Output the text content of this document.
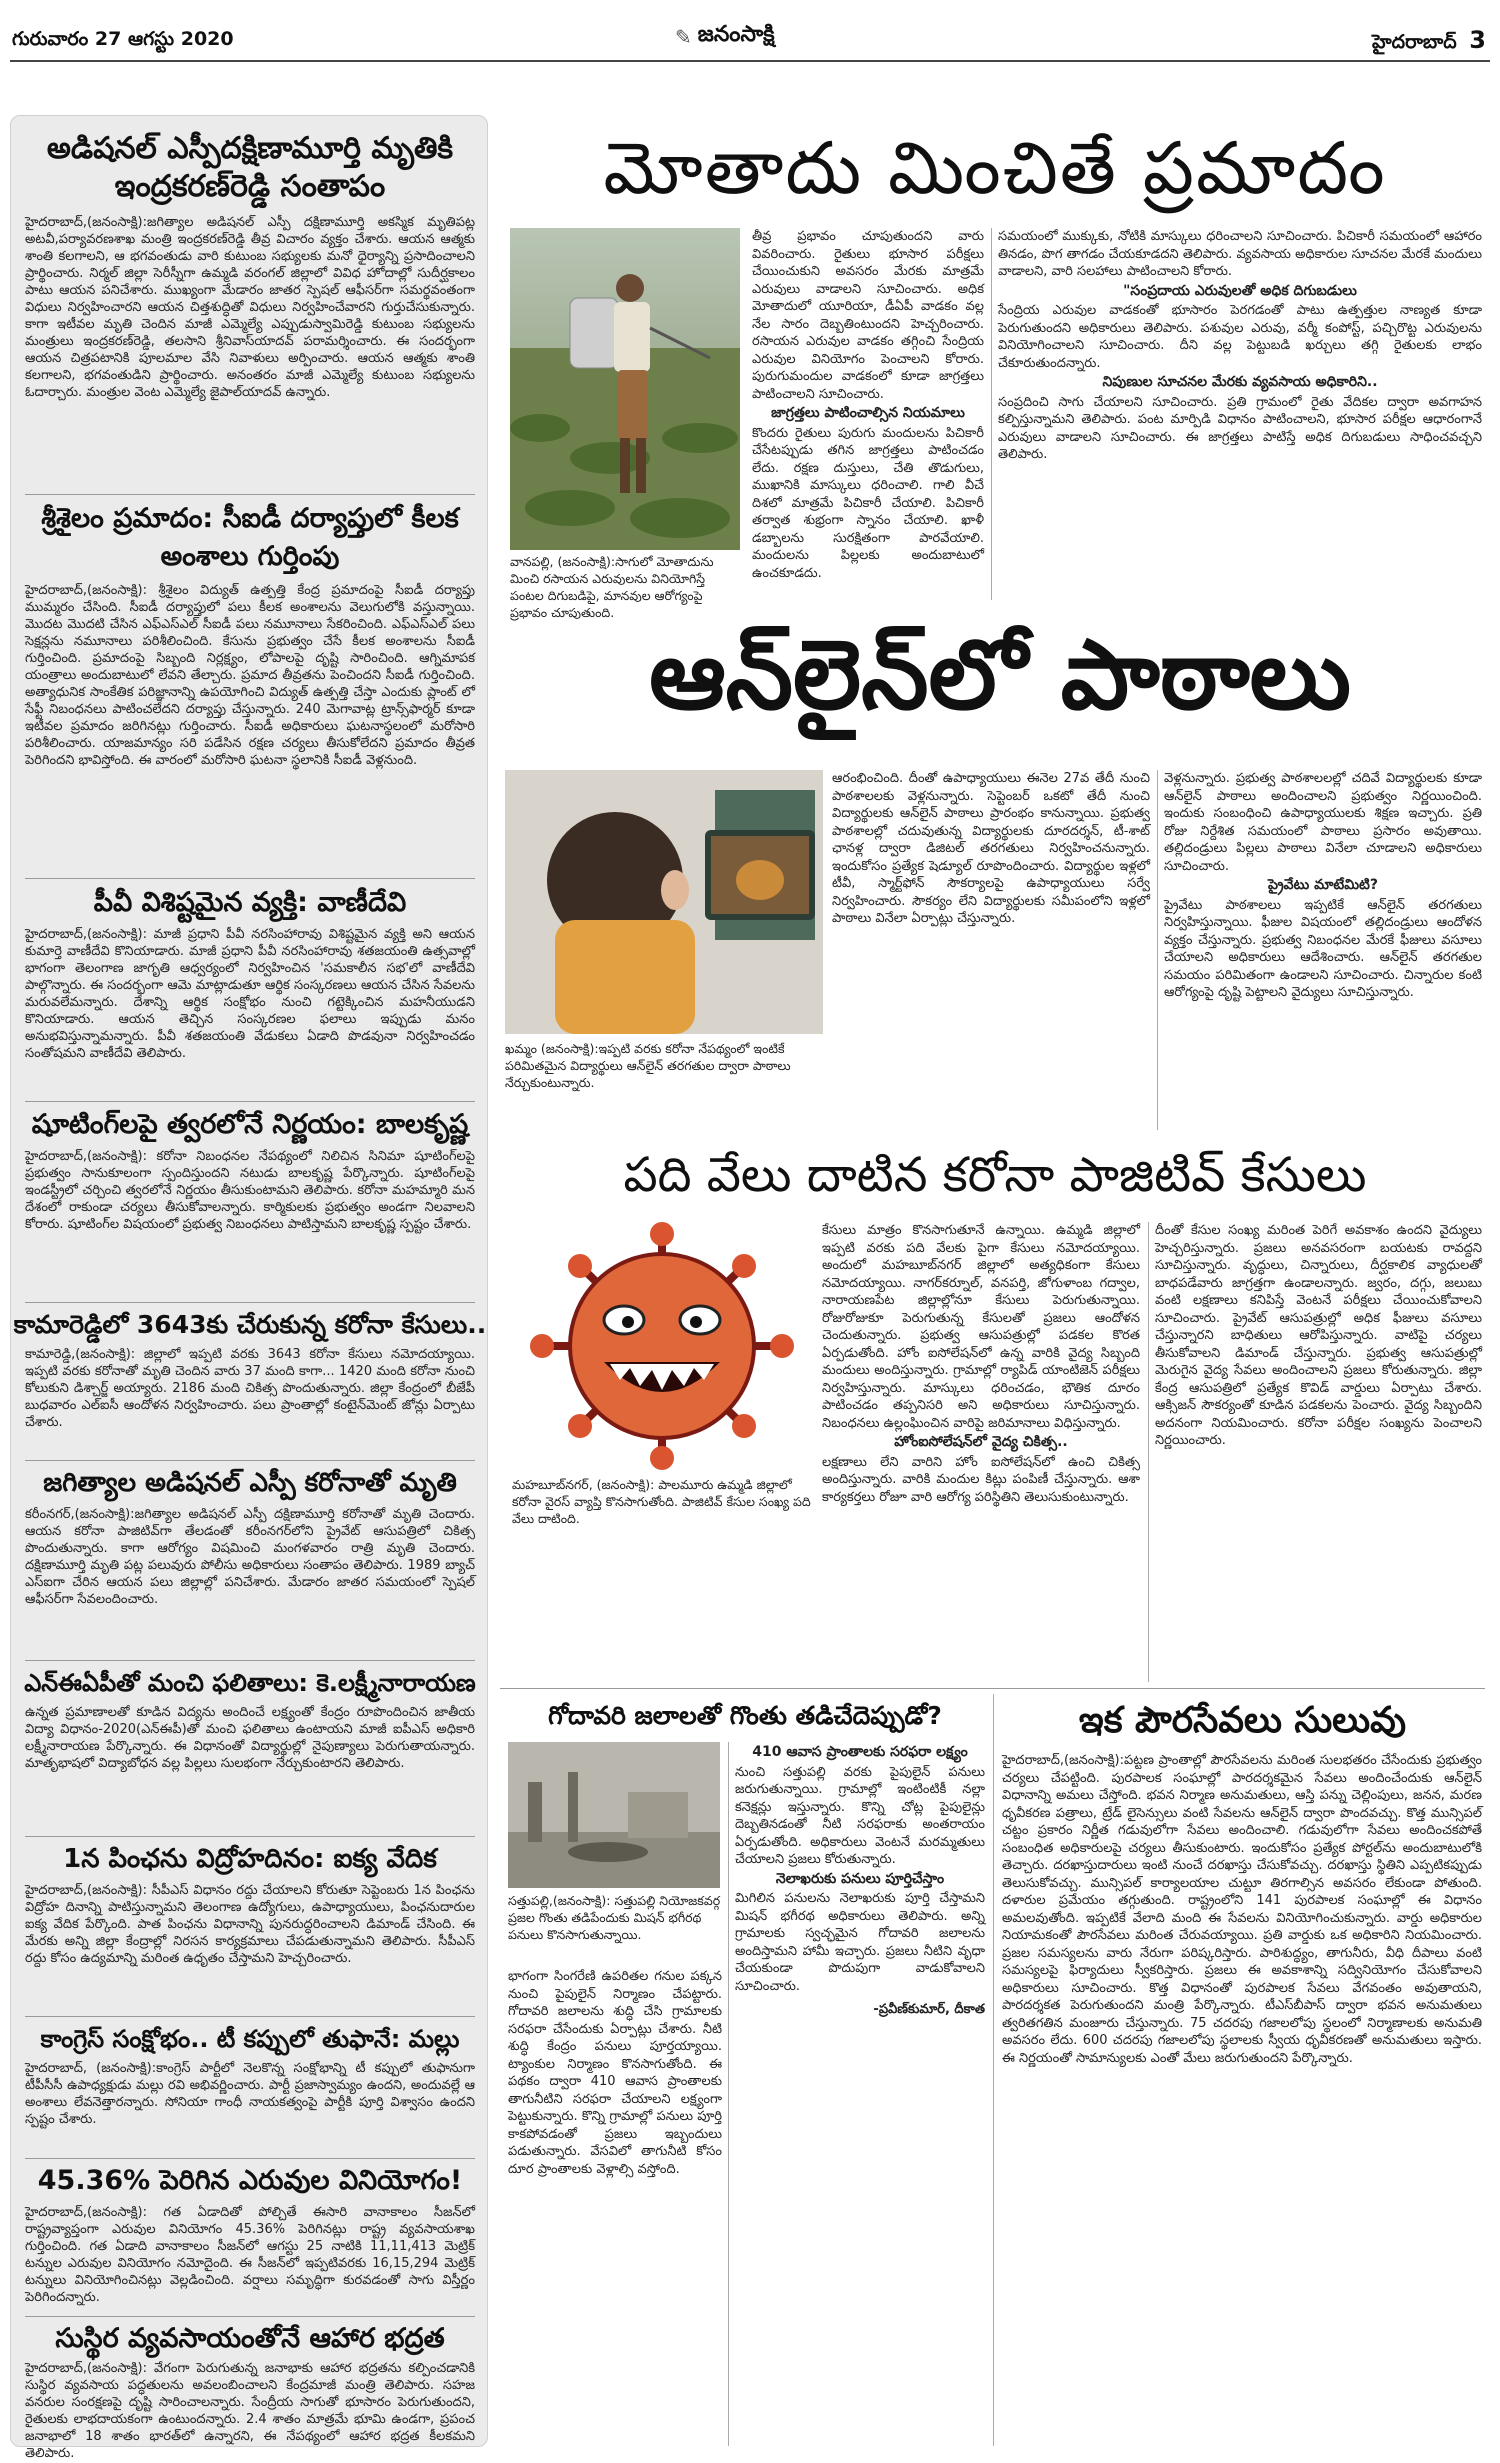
గురువారం 27 ఆగస్టు 2020	✎ జనంసాక్షి	హైదరాబాద్ 3
అడిషనల్ ఎస్పీదక్షిణామూర్తి మృతికి
ఇంద్రకరణ్‌రెడ్డి సంతాపం
హైదరాబాద్,(జనంసాక్షి):జగిత్యాల అడిషనల్ ఎస్పీ దక్షిణామూర్తి అకస్మిక మృతిపట్ల అటవీ,పర్యావరణశాఖ మంత్రి ఇంద్రకరణ్‌రెడ్డి తీవ్ర విచారం వ్యక్తం చేశారు. ఆయన ఆత్మకు శాంతి కలగాలని, ఆ భగవంతుడు వారి కుటుంబ సభ్యులకు మనో ధైర్యాన్ని ప్రసాదించాలని ప్రార్థించారు. నిర్మల్ జిల్లా సెరీస్నీగా ఉమ్మడి వరంగల్ జిల్లాలో వివిధ హోదాల్లో సుదీర్ఘకాలం పాటు ఆయన పనిచేశారు. ముఖ్యంగా మేడారం జాతర స్పెషల్ ఆఫీసర్‌గా సమర్థవంతంగా విధులు నిర్వహించారని ఆయన చిత్తశుద్ధితో విధులు నిర్వహించేవారని గుర్తుచేసుకున్నారు. కాగా ఇటీవల మృతి చెందిన మాజీ ఎమ్మెల్యే ఎప్పుడుస్వామిరెడ్డి కుటుంబ సభ్యులను మంత్రులు ఇంద్రకరణ్‌రెడ్డి, తలసాని శ్రీనివాస్‌యాదవ్ పరామర్శించారు. ఈ సందర్భంగా ఆయన చిత్రపటానికి పూలమాల వేసి నివాళులు అర్పించారు. ఆయన ఆత్మకు శాంతి కలగాలని, భగవంతుడిని ప్రార్థించారు. అనంతరం మాజీ ఎమ్మెల్యే కుటుంబ సభ్యులను ఓదార్చారు. మంత్రుల వెంట ఎమ్మెల్యే జైపాల్‌యాదవ్ ఉన్నారు.
శ్రీశైలం ప్రమాదం: సీఐడీ దర్యాప్తులో కీలక
అంశాలు గుర్తింపు
హైదరాబాద్,(జనంసాక్షి): శ్రీశైలం విద్యుత్ ఉత్పత్తి కేంద్ర ప్రమాదంపై సీఐడీ దర్యాప్తు ముమ్మరం చేసింది. సీఐడీ దర్యాప్తులో పలు కీలక అంశాలను వెలుగులోకి వస్తున్నాయి. మొదట మొదటి చేసిన ఎఫ్ఎస్ఎల్ సీఐడీ పలు నమూనాలు సేకరించింది. ఎఫ్ఎస్ఎల్ పలు సెక్షన్లను నమూనాలు పరిశీలించింది. కేసును ప్రభుత్వం చేసే కీలక అంశాలను సీఐడీ గుర్తించింది. ప్రమాదంపై సిబ్బంది నిర్లక్ష్యం, లోపాలపై దృష్టి సారించింది. ఆగ్నిమాపక యంత్రాలు అందుబాటులో లేవని తేల్చారు. ప్రమాద తీవ్రతను పెంచిందని సీఐడీ గుర్తించింది. అత్యాధునిక సాంకేతిక పరిజ్ఞానాన్ని ఉపయోగించి విద్యుత్ ఉత్పత్తి చేస్తా ఎందుకు ప్లాంట్ లో సేఫ్టీ నిబంధనలు పాటించలేదని దర్యాప్తు చేస్తున్నారు. 240 మెగావాట్ల ట్రాన్స్‌ఫార్మర్ కూడా ఇటీవల ప్రమాదం జరిగినట్లు గుర్తించారు. సీఐడీ అధికారులు ఘటనాస్థలంలో మరోసారి పరిశీలించారు. యాజమాన్యం సరి పడేసిన రక్షణ చర్యలు తీసుకోలేదని ప్రమాదం తీవ్రత పెరిగిందని భావిస్తోంది. ఈ వారంలో మరోసారి ఘటనా స్థలానికి సీఐడీ వెళ్లనుంది.
పీవీ విశిష్టమైన వ్యక్తి: వాణీదేవి
హైదరాబాద్,(జనంసాక్షి): మాజీ ప్రధాని పీవీ నరసింహారావు విశిష్టమైన వ్యక్తి అని ఆయన కుమార్తె వాణీదేవి కొనియాడారు. మాజీ ప్రధాని పీవీ నరసింహారావు శతజయంతి ఉత్సవాల్లో భాగంగా తెలంగాణ జాగృతి ఆధ్వర్యంలో నిర్వహించిన 'సమకాలీన సభ'లో వాణీదేవి పాల్గొన్నారు. ఈ సందర్భంగా ఆమె మాట్లాడుతూ ఆర్థిక సంస్కరణలు ఆయన చేసిన సేవలను మరువలేమన్నారు. దేశాన్ని ఆర్థిక సంక్షోభం నుంచి గట్టెక్కించిన మహనీయుడని కొనియాడారు. ఆయన తెచ్చిన సంస్కరణల ఫలాలు ఇప్పుడు మనం అనుభవిస్తున్నామన్నారు. పీవీ శతజయంతి వేడుకలు ఏడాది పొడవునా నిర్వహించడం సంతోషమని వాణీదేవి తెలిపారు.
షూటింగ్‌లపై త్వరలోనే నిర్ణయం: బాలకృష్ణ
హైదరాబాద్,(జనంసాక్షి): కరోనా నిబంధనల నేపథ్యంలో నిలిచిన సినిమా షూటింగ్‌లపై ప్రభుత్వం సానుకూలంగా స్పందిస్తుందని నటుడు బాలకృష్ణ పేర్కొన్నారు. షూటింగ్‌లపై ఇండస్ట్రీలో చర్చించి త్వరలోనే నిర్ణయం తీసుకుంటామని తెలిపారు. కరోనా మహమ్మారి మన దేశంలో రాకుండా చర్యలు తీసుకోవాలన్నారు. కార్మికులకు ప్రభుత్వం అండగా నిలవాలని కోరారు. షూటింగ్‌ల విషయంలో ప్రభుత్వ నిబంధనలు పాటిస్తామని బాలకృష్ణ స్పష్టం చేశారు.
కామారెడ్డిలో 3643కు చేరుకున్న కరోనా కేసులు..
కామారెడ్డి,(జనంసాక్షి): జిల్లాలో ఇప్పటి వరకు 3643 కరోనా కేసులు నమోదయ్యాయి. ఇప్పటి వరకు కరోనాతో మృతి చెందిన వారు 37 మంది కాగా... 1420 మంది కరోనా నుంచి కోలుకుని డిశ్చార్జ్ అయ్యారు. 2186 మంది చికిత్స పొందుతున్నారు. జిల్లా కేంద్రంలో బీజేపీ బుధవారం ఎల్‌ఐసీ ఆందోళన నిర్వహించారు. పలు ప్రాంతాల్లో కంటైన్‌మెంట్ జోన్లు ఏర్పాటు చేశారు.
జగిత్యాల అడిషనల్ ఎస్పీ కరోనాతో మృతి
కరీంనగర్,(జనంసాక్షి):జగిత్యాల అడిషనల్ ఎస్పీ దక్షిణామూర్తి కరోనాతో మృతి చెందారు. ఆయన కరోనా పాజిటివ్‌గా తేలడంతో కరీంనగర్‌లోని ప్రైవేట్ ఆసుపత్రిలో చికిత్స పొందుతున్నారు. కాగా ఆరోగ్యం విషమించి మంగళవారం రాత్రి మృతి చెందారు. దక్షిణామూర్తి మృతి పట్ల పలువురు పోలీసు అధికారులు సంతాపం తెలిపారు. 1989 బ్యాచ్ ఎస్ఐగా చేరిన ఆయన పలు జిల్లాల్లో పనిచేశారు. మేడారం జాతర సమయంలో స్పెషల్ ఆఫీసర్‌గా సేవలందించారు.
ఎన్ఈఏపీతో మంచి ఫలితాలు: కె.లక్ష్మీనారాయణ
ఉన్నత ప్రమాణాలతో కూడిన విద్యను అందించే లక్ష్యంతో కేంద్రం రూపొందించిన జాతీయ విద్యా విధానం-2020(ఎన్ఈపీ)తో మంచి ఫలితాలు ఉంటాయని మాజీ ఐపీఎస్ అధికారి లక్ష్మీనారాయణ పేర్కొన్నారు. ఈ విధానంతో విద్యార్థుల్లో నైపుణ్యాలు పెరుగుతాయన్నారు. మాతృభాషలో విద్యాబోధన వల్ల పిల్లలు సులభంగా నేర్చుకుంటారని తెలిపారు.
1న పింఛను విద్రోహదినం: ఐక్య వేదిక
హైదరాబాద్,(జనంసాక్షి): సీపీఎస్ విధానం రద్దు చేయాలని కోరుతూ సెప్టెంబరు 1న పింఛను విద్రోహ దినాన్ని పాటిస్తున్నామని తెలంగాణ ఉద్యోగులు, ఉపాధ్యాయులు, పింఛనుదారుల ఐక్య వేదిక పేర్కొంది. పాత పింఛను విధానాన్ని పునరుద్ధరించాలని డిమాండ్ చేసింది. ఈ మేరకు అన్ని జిల్లా కేంద్రాల్లో నిరసన కార్యక్రమాలు చేపడుతున్నామని తెలిపారు. సీపీఎస్ రద్దు కోసం ఉద్యమాన్ని మరింత ఉధృతం చేస్తామని హెచ్చరించారు.
కాంగ్రెస్ సంక్షోభం.. టీ కప్పులో తుఫానే: మల్లు
హైదరాబాద్, (జనంసాక్షి):కాంగ్రెస్ పార్టీలో నెలకొన్న సంక్షోభాన్ని టీ కప్పులో తుఫానుగా టీపీసీసీ ఉపాధ్యక్షుడు మల్లు రవి అభివర్ణించారు. పార్టీ ప్రజాస్వామ్యం ఉందని, అందువల్లే ఆ అంశాలు లేవనెత్తారన్నారు. సోనియా గాంధీ నాయకత్వంపై పార్టీకి పూర్తి విశ్వాసం ఉందని స్పష్టం చేశారు.
45.36% పెరిగిన ఎరువుల వినియోగం!
హైదరాబాద్,(జనంసాక్షి): గత ఏడాదితో పోల్చితే ఈసారి వానాకాలం సీజన్‌లో రాష్ట్రవ్యాప్తంగా ఎరువుల వినియోగం 45.36% పెరిగినట్లు రాష్ట్ర వ్యవసాయశాఖ గుర్తించింది. గత ఏడాది వానాకాలం సీజన్‌లో ఆగస్టు 25 నాటికి 11,11,413 మెట్రిక్ టన్నుల ఎరువుల వినియోగం నమోదైంది. ఈ సీజన్‌లో ఇప్పటివరకు 16,15,294 మెట్రిక్ టన్నులు వినియోగించినట్లు వెల్లడించింది. వర్షాలు సమృద్ధిగా కురవడంతో సాగు విస్తీర్ణం పెరిగిందన్నారు.
సుస్థిర వ్యవసాయంతోనే ఆహార భద్రత
హైదరాబాద్,(జనంసాక్షి): వేగంగా పెరుగుతున్న జనాభాకు ఆహార భద్రతను కల్పించడానికి సుస్థిర వ్యవసాయ పద్ధతులను అవలంబించాలని కేంద్రమాజీ మంత్రి తెలిపారు. సహజ వనరుల సంరక్షణపై దృష్టి సారించాలన్నారు. సేంద్రీయ సాగుతో భూసారం పెరుగుతుందని, రైతులకు లాభదాయకంగా ఉంటుందన్నారు. 2.4 శాతం మాత్రమే భూమి ఉండగా, ప్రపంచ జనాభాలో 18 శాతం భారత్‌లో ఉన్నారని, ఈ నేపథ్యంలో ఆహార భద్రత కీలకమని తెలిపారు.
మోతాదు మించితే ప్రమాదం
వానపల్లి, (జనంసాక్షి):సాగులో మోతాదును మించి రసాయన ఎరువులను వినియోగిస్తే పంటల దిగుబడిపై, మానవుల ఆరోగ్యంపై ప్రభావం చూపుతుంది.
తీవ్ర ప్రభావం చూపుతుందని వారు వివరించారు. రైతులు భూసార పరీక్షలు చేయించుకుని అవసరం మేరకు మాత్రమే ఎరువులు వాడాలని సూచించారు. అధిక మోతాదులో యూరియా, డీఏపీ వాడకం వల్ల నేల సారం దెబ్బతింటుందని హెచ్చరించారు. రసాయన ఎరువుల వాడకం తగ్గించి సేంద్రియ ఎరువుల వినియోగం పెంచాలని కోరారు. పురుగుమందుల వాడకంలో కూడా జాగ్రత్తలు పాటించాలని సూచించారు.
జాగ్రత్తలు పాటించాల్సిన నియమాలు
కొందరు రైతులు పురుగు మందులను పిచికారీ చేసేటప్పుడు తగిన జాగ్రత్తలు పాటించడం లేదు. రక్షణ దుస్తులు, చేతి తొడుగులు, ముఖానికి మాస్కులు ధరించాలి. గాలి వీచే దిశలో మాత్రమే పిచికారీ చేయాలి. పిచికారీ తర్వాత శుభ్రంగా స్నానం చేయాలి. ఖాళీ డబ్బాలను సురక్షితంగా పారవేయాలి. మందులను పిల్లలకు అందుబాటులో ఉంచకూడదు.
సమయంలో ముక్కుకు, నోటికి మాస్కులు ధరించాలని సూచించారు. పిచికారీ సమయంలో ఆహారం తినడం, పొగ తాగడం చేయకూడదని తెలిపారు. వ్యవసాయ అధికారుల సూచనల మేరకే మందులు వాడాలని, వారి సలహాలు పాటించాలని కోరారు.
"సంప్రదాయ ఎరువులతో అధిక దిగుబడులు
సేంద్రియ ఎరువుల వాడకంతో భూసారం పెరగడంతో పాటు ఉత్పత్తుల నాణ్యత కూడా పెరుగుతుందని అధికారులు తెలిపారు. పశువుల ఎరువు, వర్మీ కంపోస్ట్, పచ్చిరొట్ట ఎరువులను వినియోగించాలని సూచించారు. దీని వల్ల పెట్టుబడి ఖర్చులు తగ్గి రైతులకు లాభం చేకూరుతుందన్నారు.
నిపుణుల సూచనల మేరకు వ్యవసాయ అధికారిని..
సంప్రదించి సాగు చేయాలని సూచించారు. ప్రతి గ్రామంలో రైతు వేదికల ద్వారా అవగాహన కల్పిస్తున్నామని తెలిపారు. పంట మార్పిడి విధానం పాటించాలని, భూసార పరీక్షల ఆధారంగానే ఎరువులు వాడాలని సూచించారు. ఈ జాగ్రత్తలు పాటిస్తే అధిక దిగుబడులు సాధించవచ్చని తెలిపారు.
ఆన్‌లైన్‌లో పాఠాలు
ఖమ్మం (జనంసాక్షి):ఇప్పటి వరకు కరోనా నేపథ్యంలో ఇంటికే పరిమితమైన విద్యార్థులు ఆన్‌లైన్ తరగతుల ద్వారా పాఠాలు నేర్చుకుంటున్నారు.
ఆరంభించింది. దీంతో ఉపాధ్యాయులు ఈనెల 27వ తేదీ నుంచి పాఠశాలలకు వెళ్లనున్నారు. సెప్టెంబర్ ఒకటో తేదీ నుంచి విద్యార్థులకు ఆన్‌లైన్ పాఠాలు ప్రారంభం కానున్నాయి. ప్రభుత్వ పాఠశాలల్లో చదువుతున్న విద్యార్థులకు దూరదర్శన్, టీ-శాట్ ఛానళ్ల ద్వారా డిజిటల్ తరగతులు నిర్వహించనున్నారు. ఇందుకోసం ప్రత్యేక షెడ్యూల్ రూపొందించారు. విద్యార్థుల ఇళ్లలో టీవీ, స్మార్ట్‌ఫోన్ సౌకర్యాలపై ఉపాధ్యాయులు సర్వే నిర్వహించారు. సౌకర్యం లేని విద్యార్థులకు సమీపంలోని ఇళ్లలో పాఠాలు వినేలా ఏర్పాట్లు చేస్తున్నారు.
వెళ్లనున్నారు. ప్రభుత్వ పాఠశాలలల్లో చదివే విద్యార్థులకు కూడా ఆన్‌లైన్ పాఠాలు అందించాలని ప్రభుత్వం నిర్ణయించింది. ఇందుకు సంబంధించి ఉపాధ్యాయులకు శిక్షణ ఇచ్చారు. ప్రతి రోజు నిర్దేశిత సమయంలో పాఠాలు ప్రసారం అవుతాయి. తల్లిదండ్రులు పిల్లలు పాఠాలు వినేలా చూడాలని అధికారులు సూచించారు.
ప్రైవేటు మాటేమిటి?
ప్రైవేటు పాఠశాలలు ఇప్పటికే ఆన్‌లైన్ తరగతులు నిర్వహిస్తున్నాయి. ఫీజుల విషయంలో తల్లిదండ్రులు ఆందోళన వ్యక్తం చేస్తున్నారు. ప్రభుత్వ నిబంధనల మేరకే ఫీజులు వసూలు చేయాలని అధికారులు ఆదేశించారు. ఆన్‌లైన్ తరగతుల సమయం పరిమితంగా ఉండాలని సూచించారు. చిన్నారుల కంటి ఆరోగ్యంపై దృష్టి పెట్టాలని వైద్యులు సూచిస్తున్నారు.
పది వేలు దాటిన కరోనా పాజిటివ్ కేసులు
మహబూబ్‌నగర్, (జనంసాక్షి): పాలమూరు ఉమ్మడి జిల్లాలో కరోనా వైరస్ వ్యాప్తి కొనసాగుతోంది. పాజిటివ్ కేసుల సంఖ్య పది వేలు దాటింది.
కేసులు మాత్రం కొనసాగుతూనే ఉన్నాయి. ఉమ్మడి జిల్లాలో ఇప్పటి వరకు పది వేలకు పైగా కేసులు నమోదయ్యాయి. అందులో మహబూబ్‌నగర్ జిల్లాలో అత్యధికంగా కేసులు నమోదయ్యాయి. నాగర్‌కర్నూల్, వనపర్తి, జోగుళాంబ గద్వాల, నారాయణపేట జిల్లాల్లోనూ కేసులు పెరుగుతున్నాయి. రోజురోజుకూ పెరుగుతున్న కేసులతో ప్రజలు ఆందోళన చెందుతున్నారు. ప్రభుత్వ ఆసుపత్రుల్లో పడకల కొరత ఏర్పడుతోంది. హోం ఐసోలేషన్‌లో ఉన్న వారికి వైద్య సిబ్బంది మందులు అందిస్తున్నారు. గ్రామాల్లో ర్యాపిడ్ యాంటిజెన్ పరీక్షలు నిర్వహిస్తున్నారు. మాస్కులు ధరించడం, భౌతిక దూరం పాటించడం తప్పనిసరి అని అధికారులు సూచిస్తున్నారు. నిబంధనలు ఉల్లంఘించిన వారిపై జరిమానాలు విధిస్తున్నారు.
హోంఐసోలేషన్‌లో వైద్య చికిత్స..
లక్షణాలు లేని వారిని హోం ఐసోలేషన్‌లో ఉంచి చికిత్స అందిస్తున్నారు. వారికి మందుల కిట్లు పంపిణీ చేస్తున్నారు. ఆశా కార్యకర్తలు రోజూ వారి ఆరోగ్య పరిస్థితిని తెలుసుకుంటున్నారు.
దీంతో కేసుల సంఖ్య మరింత పెరిగే అవకాశం ఉందని వైద్యులు హెచ్చరిస్తున్నారు. ప్రజలు అనవసరంగా బయటకు రావద్దని సూచిస్తున్నారు. వృద్ధులు, చిన్నారులు, దీర్ఘకాలిక వ్యాధులతో బాధపడేవారు జాగ్రత్తగా ఉండాలన్నారు. జ్వరం, దగ్గు, జలుబు వంటి లక్షణాలు కనిపిస్తే వెంటనే పరీక్షలు చేయించుకోవాలని సూచించారు. ప్రైవేట్ ఆసుపత్రుల్లో అధిక ఫీజులు వసూలు చేస్తున్నారని బాధితులు ఆరోపిస్తున్నారు. వాటిపై చర్యలు తీసుకోవాలని డిమాండ్ చేస్తున్నారు. ప్రభుత్వ ఆసుపత్రుల్లో మెరుగైన వైద్య సేవలు అందించాలని ప్రజలు కోరుతున్నారు. జిల్లా కేంద్ర ఆసుపత్రిలో ప్రత్యేక కొవిడ్ వార్డులు ఏర్పాటు చేశారు. ఆక్సిజన్ సౌకర్యంతో కూడిన పడకలను పెంచారు. వైద్య సిబ్బందిని అదనంగా నియమించారు. కరోనా పరీక్షల సంఖ్యను పెంచాలని నిర్ణయించారు.
గోదావరి జలాలతో గొంతు తడిచేదెప్పుడో?
సత్తుపల్లి,(జనంసాక్షి): సత్తుపల్లి నియోజకవర్గ ప్రజల గొంతు తడిపేందుకు మిషన్ భగీరథ పనులు కొనసాగుతున్నాయి.
భాగంగా సింగరేణి ఉపరితల గనుల పక్కన నుంచి పైపులైన్ నిర్మాణం చేపట్టారు. గోదావరి జలాలను శుద్ధి చేసి గ్రామాలకు సరఫరా చేసేందుకు ఏర్పాట్లు చేశారు. నీటి శుద్ధి కేంద్రం పనులు పూర్తయ్యాయి. ట్యాంకుల నిర్మాణం కొనసాగుతోంది. ఈ పథకం ద్వారా 410 ఆవాస ప్రాంతాలకు తాగునీటిని సరఫరా చేయాలని లక్ష్యంగా పెట్టుకున్నారు. కొన్ని గ్రామాల్లో పనులు పూర్తి కాకపోవడంతో ప్రజలు ఇబ్బందులు పడుతున్నారు. వేసవిలో తాగునీటి కోసం దూర ప్రాంతాలకు వెళ్లాల్సి వస్తోంది.
410 ఆవాస ప్రాంతాలకు సరఫరా లక్ష్యం
నుంచి సత్తుపల్లి వరకు పైపులైన్ పనులు జరుగుతున్నాయి. గ్రామాల్లో ఇంటింటికీ నల్లా కనెక్షన్లు ఇస్తున్నారు. కొన్ని చోట్ల పైపులైన్లు దెబ్బతినడంతో నీటి సరఫరాకు అంతరాయం ఏర్పడుతోంది. అధికారులు వెంటనే మరమ్మతులు చేయాలని ప్రజలు కోరుతున్నారు.
నెలాఖరుకు పనులు పూర్తిచేస్తాం
మిగిలిన పనులను నెలాఖరుకు పూర్తి చేస్తామని మిషన్ భగీరథ అధికారులు తెలిపారు. అన్ని గ్రామాలకు స్వచ్ఛమైన గోదావరి జలాలను అందిస్తామని హామీ ఇచ్చారు. ప్రజలు నీటిని వృధా చేయకుండా పొదుపుగా వాడుకోవాలని సూచించారు.
-ప్రవీణ్‌కుమార్, దీకాత
ఇక పౌరసేవలు సులువు
హైదరాబాద్,(జనంసాక్షి):పట్టణ ప్రాంతాల్లో పౌరసేవలను మరింత సులభతరం చేసేందుకు ప్రభుత్వం చర్యలు చేపట్టింది. పురపాలక సంఘాల్లో పారదర్శకమైన సేవలు అందించేందుకు ఆన్‌లైన్ విధానాన్ని అమలు చేస్తోంది. భవన నిర్మాణ అనుమతులు, ఆస్తి పన్ను చెల్లింపులు, జనన, మరణ ధృవీకరణ పత్రాలు, ట్రేడ్ లైసెన్సులు వంటి సేవలను ఆన్‌లైన్ ద్వారా పొందవచ్చు. కొత్త మున్సిపల్ చట్టం ప్రకారం నిర్ణీత గడువులోగా సేవలు అందించాలి. గడువులోగా సేవలు అందించకపోతే సంబంధిత అధికారులపై చర్యలు తీసుకుంటారు. ఇందుకోసం ప్రత్యేక పోర్టల్‌ను అందుబాటులోకి తెచ్చారు. దరఖాస్తుదారులు ఇంటి నుంచే దరఖాస్తు చేసుకోవచ్చు. దరఖాస్తు స్థితిని ఎప్పటికప్పుడు తెలుసుకోవచ్చు. మున్సిపల్ కార్యాలయాల చుట్టూ తిరగాల్సిన అవసరం లేకుండా పోతుంది. దళారుల ప్రమేయం తగ్గుతుంది. రాష్ట్రంలోని 141 పురపాలక సంఘాల్లో ఈ విధానం అమలవుతోంది. ఇప్పటికే వేలాది మంది ఈ సేవలను వినియోగించుకున్నారు. వార్డు అధికారుల నియామకంతో పౌరసేవలు మరింత చేరువయ్యాయి. ప్రతి వార్డుకు ఒక అధికారిని నియమించారు. ప్రజల సమస్యలను వారు నేరుగా పరిష్కరిస్తారు. పారిశుద్ధ్యం, తాగునీరు, వీధి దీపాలు వంటి సమస్యలపై ఫిర్యాదులు స్వీకరిస్తారు. ప్రజలు ఈ అవకాశాన్ని సద్వినియోగం చేసుకోవాలని అధికారులు సూచించారు. కొత్త విధానంతో పురపాలక సేవలు వేగవంతం అవుతాయని, పారదర్శకత పెరుగుతుందని మంత్రి పేర్కొన్నారు. టీఎస్‌బీపాస్ ద్వారా భవన అనుమతులు త్వరితగతిన మంజూరు చేస్తున్నారు. 75 చదరపు గజాలలోపు స్థలంలో నిర్మాణాలకు అనుమతి అవసరం లేదు. 600 చదరపు గజాలలోపు స్థలాలకు స్వీయ ధృవీకరణతో అనుమతులు ఇస్తారు. ఈ నిర్ణయంతో సామాన్యులకు ఎంతో మేలు జరుగుతుందని పేర్కొన్నారు.
